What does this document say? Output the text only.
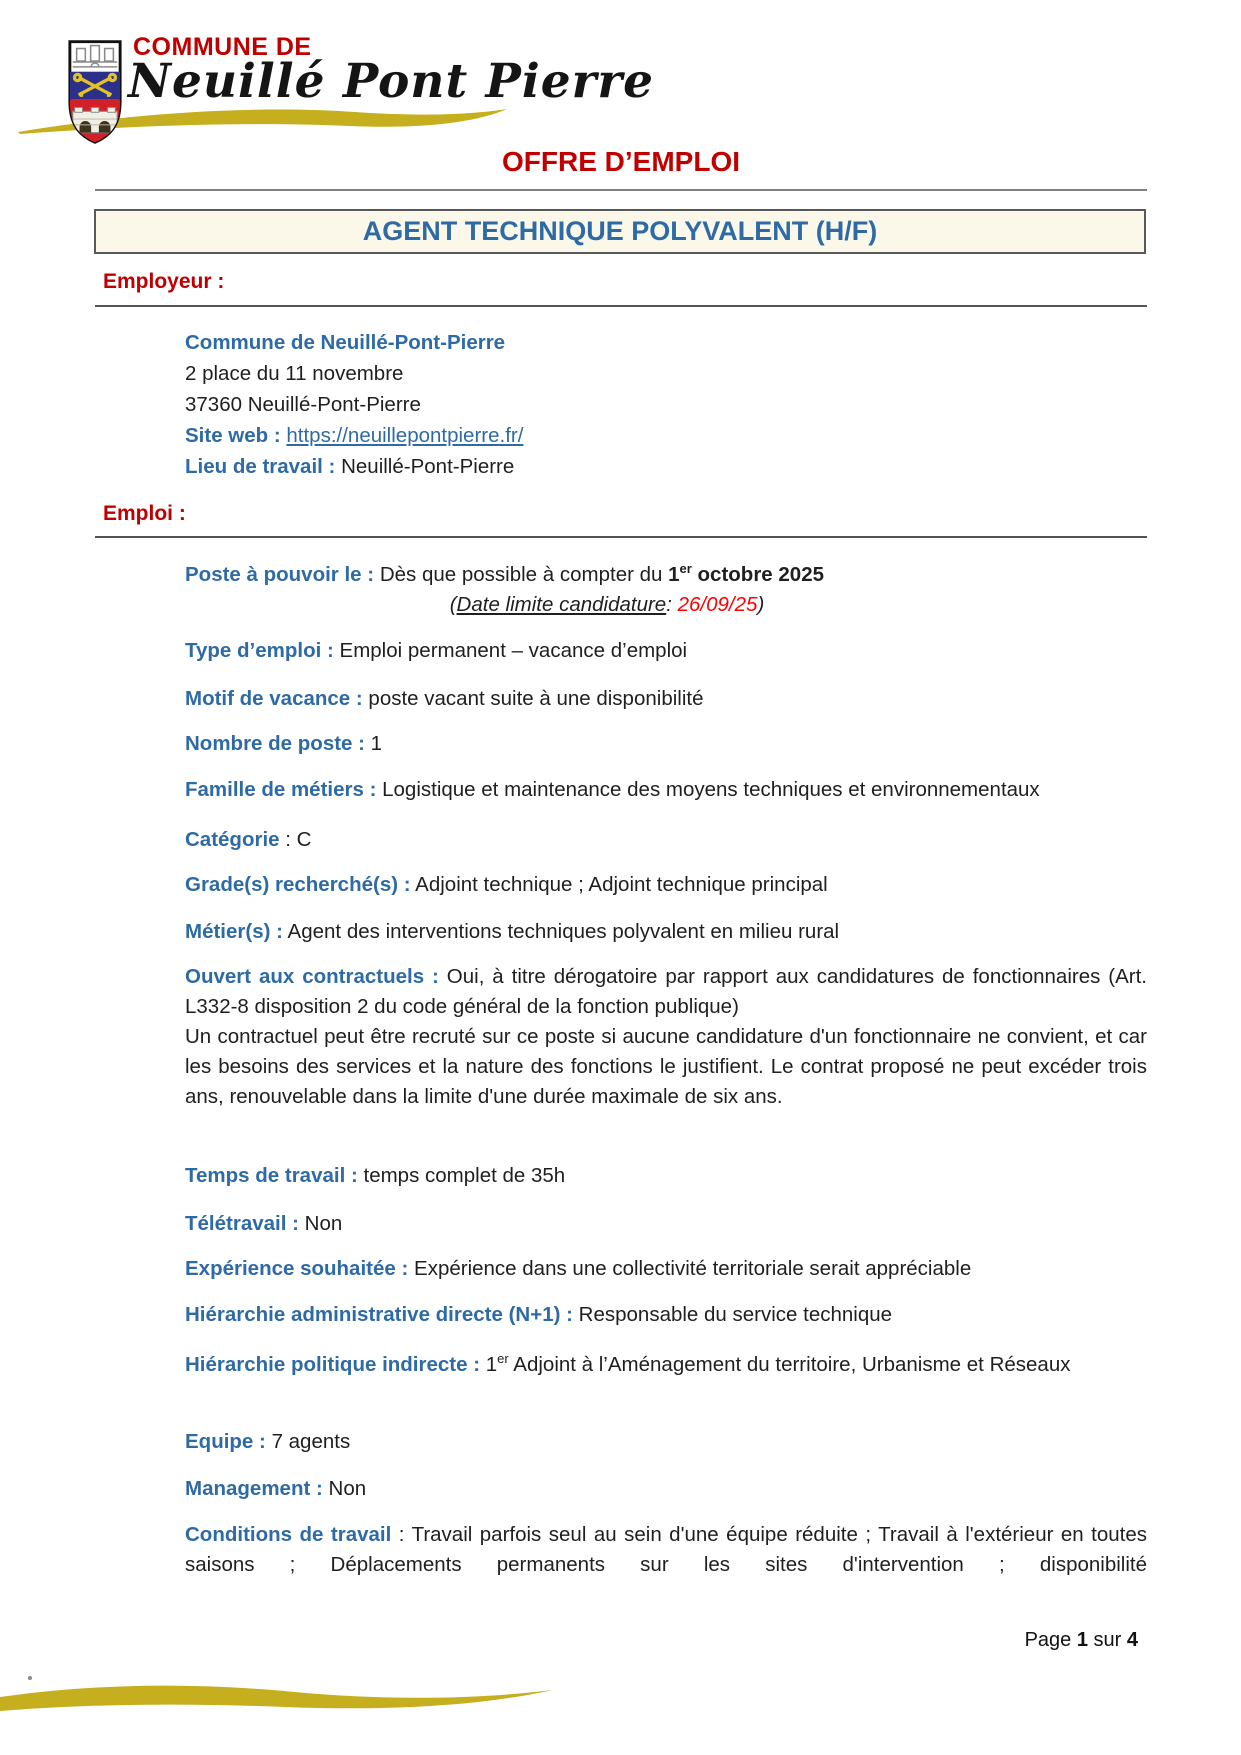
COMMUNE DE
Neuillé Pont Pierre
OFFRE D’EMPLOI
AGENT TECHNIQUE POLYVALENT (H/F)
Employeur :
Commune de Neuillé-Pont-Pierre
2 place du 11 novembre
37360 Neuillé-Pont-Pierre
Site web : https://neuillepontpierre.fr/
Lieu de travail : Neuillé-Pont-Pierre
Emploi :
Poste à pouvoir le : Dès que possible à compter du 1er octobre 2025
(Date limite candidature: 26/09/25)
Type d’emploi : Emploi permanent – vacance d’emploi
Motif de vacance : poste vacant suite à une disponibilité
Nombre de poste : 1
Famille de métiers : Logistique et maintenance des moyens techniques et environnementaux
Catégorie : C
Grade(s) recherché(s) : Adjoint technique ; Adjoint technique principal
Métier(s) : Agent des interventions techniques polyvalent en milieu rural
Ouvert aux contractuels : Oui, à titre dérogatoire par rapport aux candidatures de fonctionnaires (Art. L332-8 disposition 2 du code général de la fonction publique)
Un contractuel peut être recruté sur ce poste si aucune candidature d'un fonctionnaire ne convient, et car les besoins des services et la nature des fonctions le justifient. Le contrat proposé ne peut excéder trois ans, renouvelable dans la limite d'une durée maximale de six ans.
Temps de travail : temps complet de 35h
Télétravail : Non
Expérience souhaitée : Expérience dans une collectivité territoriale serait appréciable
Hiérarchie administrative directe (N+1) : Responsable du service technique
Hiérarchie politique indirecte : 1er Adjoint à l’Aménagement du territoire, Urbanisme et Réseaux
Equipe : 7 agents
Management : Non
Conditions de travail : Travail parfois seul au sein d'une équipe réduite ; Travail à l'extérieur en toutes saisons ; Déplacements permanents sur les sites d'intervention ; disponibilité
Page 1 sur 4
